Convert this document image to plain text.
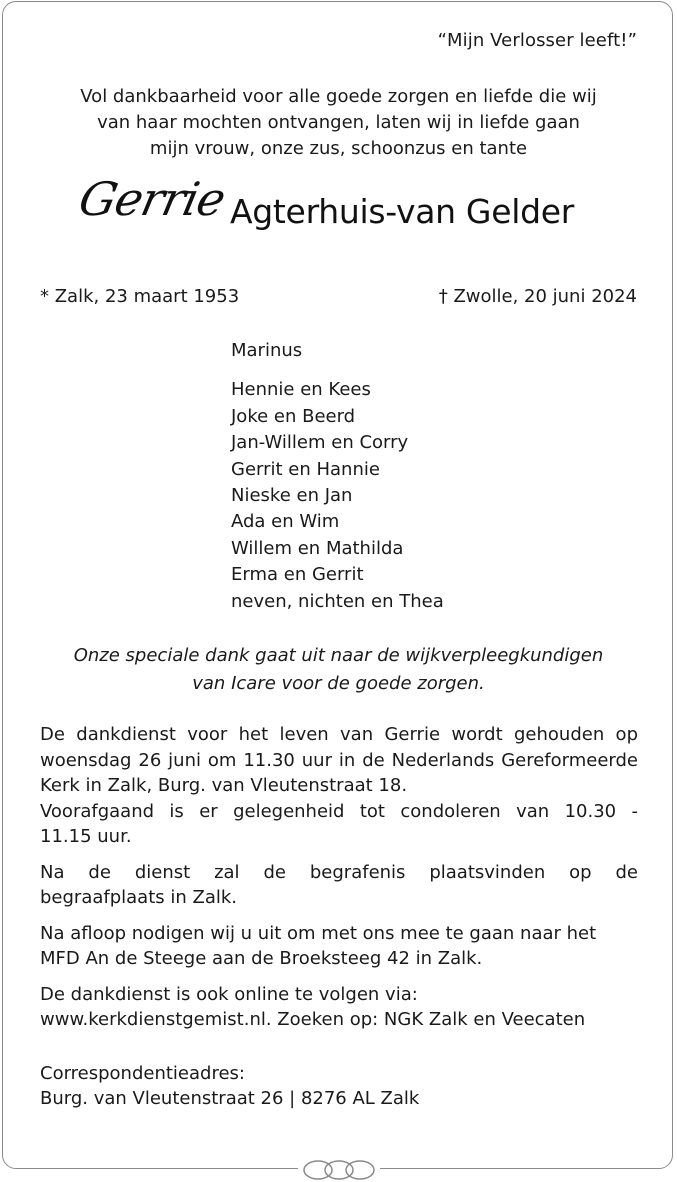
“Mijn Verlosser leeft!”
Vol dankbaarheid voor alle goede zorgen en liefde die wij
van haar mochten ontvangen, laten wij in liefde gaan
mijn vrouw, onze zus, schoonzus en tante
Gerrie Agterhuis-van Gelder
* Zalk, 23 maart 1953	† Zwolle, 20 juni 2024
Marinus
Hennie en Kees
Joke en Beerd
Jan-Willem en Corry
Gerrit en Hannie
Nieske en Jan
Ada en Wim
Willem en Mathilda
Erma en Gerrit
neven, nichten en Thea
Onze speciale dank gaat uit naar de wijkverpleegkundigen
van Icare voor de goede zorgen.

De dankdienst voor het leven van Gerrie wordt gehouden op
woensdag 26 juni om 11.30 uur in de Nederlands Gereformeerde
Kerk in Zalk, Burg. van Vleutenstraat 18.

Voorafgaand is er gelegenheid tot condoleren van 10.30 -
11.15 uur.

Na de dienst zal de begrafenis plaatsvinden op de
begraafplaats in Zalk.

Na afloop nodigen wij u uit om met ons mee te gaan naar het
MFD An de Steege aan de Broeksteeg 42 in Zalk.

De dankdienst is ook online te volgen via:
www.kerkdienstgemist.nl. Zoeken op: NGK Zalk en Veecaten

Correspondentieadres:
Burg. van Vleutenstraat 26 | 8276 AL Zalk
